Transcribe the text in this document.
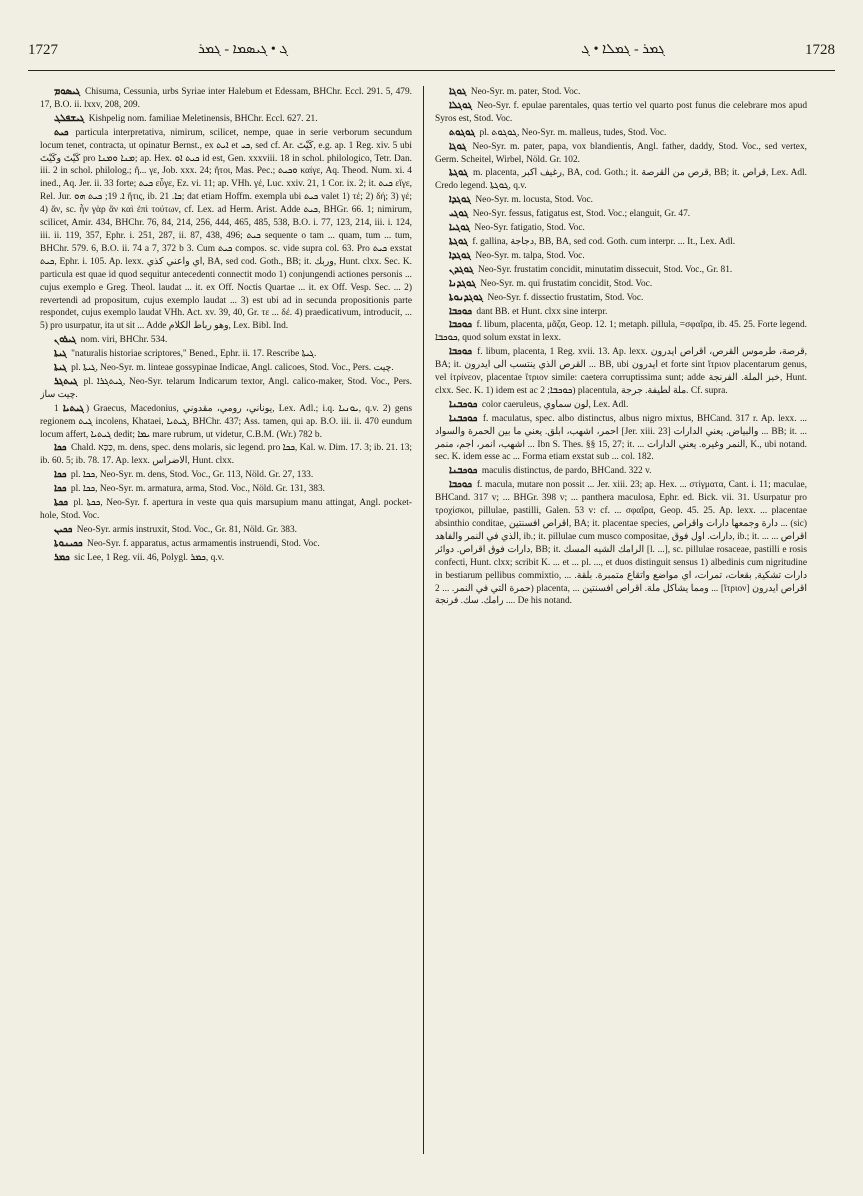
1727	ܓ • ܓܝܣܡܐ - ܓܡܪ	ܓܡܪ - ܓܡܠܐ • ܓ	1728

ܓܝܣܘܡ Chisuma, Cessunia, urbs Syriae inter Halebum et Edessam, BHChr. Eccl. 291. 5, 479. 17, B.O. ii. lxxv, 208, 209.

ܓܝܫܦܠܓ Kishpelig nom. familiae Meletinensis, BHChr. Eccl. 627. 21.

ܟܝܬ particula interpretativa, nimirum, scilicet, nempe, quae in serie verborum secundum locum tenet, contracta, ut opinatur Bernst., ex ܐܝܬ et ܟܝ, sed cf. Ar. كَيْتَ, e.g. ap. 1 Reg. xiv. 5 ubi كَيْتَ وكَيْتَ pro ܡܢܐ ܘܡܢܐ; ap. Hex. ܟܝܬ ܐܘ id est, Gen. xxxviii. 18 in schol. philologico, Tetr. Dan. iii. 2 in schol. philolog.; ἤ... γε, Job. xxx. 24; ἤτοι, Mas. Pec.; ܘܟܝܬ καίγε, Aq. Theod. Num. xi. 4 ined., Aq. Jer. ii. 33 forte; ܟܝܬ εὖγε, Ez. vi. 11; ap. VHh. γέ, Luc. xxiv. 21, 1 Cor. ix. 2; it. ܟܝܬ εἴγε, Rel. Jur. ܐ. 19; ܟܝܬ ܗܘ ἥτις, ib. ܟܐ. 21; dat etiam Hoffm. exempla ubi ܟܝܬ valet 1) τέ; 2) δή; 3) γέ; 4) ἄν, sc. ἦν γὰρ ἂν καὶ ἐπὶ τούτων, cf. Lex. ad Herm. Arist. Adde ܟܝܬ, BHGr. 66. 1; nimirum, scilicet, Amir. 434, BHChr. 76, 84, 214, 256, 444, 465, 485, 538, B.O. i. 77, 123, 214, iii. i. 124, iii. ii. 119, 357, Ephr. i. 251, 287, ii. 87, 438, 496; ܟܝܬ sequente o tam ... quam, tum ... tum, BHChr. 579. 6, B.O. ii. 74 a 7, 372 b 3. Cum ܟܝܬ compos. sc. vide supra col. 63. Pro ܟܝܬ exstat ܟܝܬ, Ephr. i. 105. Ap. lexx. اي واعني كذي, BA, sed cod. Goth., BB; it. وربك, Hunt. clxx. Sec. K. particula est quae id quod sequitur antecedenti connectit modo 1) conjungendi actiones personis ... cujus exemplo e Greg. Theol. laudat ... it. ex Off. Noctis Quartae ... it. ex Off. Vesp. Sec. ... 2) revertendi ad propositum, cujus exemplo laudat ... 3) est ubi ad in secunda propositionis parte respondet, cujus exemplo laudat VHh. Act. xv. 39, 40, Gr. τε ... δέ. 4) praedicativum, introducit, ... 5) pro usurpatur, ita ut sit ... Adde وهو رباط الكلام, Lex. Bibl. Ind.

ܓܝܪܘܢ nom. viri, BHChr. 534.

ܓܝܬܐ "naturalis historiae scriptores," Bened., Ephr. ii. 17. Rescribe ܓܝܬܐ.

ܓܝܬܐ pl. ܓܝܬܐ, Neo-Syr. m. linteae gossypinae Indicae, Angl. calicoes, Stod. Voc., Pers. چیت.

ܓܝܬܓܪ pl. ܓܝܬܓܪܐ, Neo-Syr. telarum Indicarum textor, Angl. calico-maker, Stod. Voc., Pers. چیت ساز.

ܓܝܬܝܐ 1) Graecus, Macedonius, يوناني، رومي، مقدوني, Lex. Adl.; i.q. ܝܘܢܝܐ, q.v. 2) gens regionem ܓܝܬ incolens, Khataei, ܓܝܬܝܐ, BHChr. 437; Ass. tamen, qui ap. B.O. iii. ii. 470 eundum locum affert, ܓܝܬܝܐ dedit; ܝܡܐ mare rubrum, ut videtur, C.B.M. (Wr.) 782 b.

ܟܟܐ Chald. כַּכָּא, m. dens, spec. dens molaris, sic legend. pro ܟܟܐ, Kal. w. Dim. 17. 3; ib. 21. 13; ib. 60. 5; ib. 78. 17. Ap. lexx. الاضراس, Hunt. clxx.

ܟܟܐ pl. ܟܟܐ, Neo-Syr. m. dens, Stod. Voc., Gr. 113, Nöld. Gr. 27, 133.

ܟܟܐ pl. ܟܟܐ, Neo-Syr. m. armatura, arma, Stod. Voc., Nöld. Gr. 131, 383.

ܟܟܬܐ pl. ܟܟܬܐ, Neo-Syr. f. apertura in veste qua quis marsupium manu attingat, Angl. pocket-hole, Stod. Voc.

ܟܟܝܢ Neo-Syr. armis instruxit, Stod. Voc., Gr. 81, Nöld. Gr. 383.

ܟܟܝܢܘܬܐ Neo-Syr. f. apparatus, actus armamentis instruendi, Stod. Voc.

ܟܡܪ sic Lee, 1 Reg. vii. 46, Polygl. ܟܡܪ, q.v.

ܓܘܓܐ Neo-Syr. m. pater, Stod. Voc.

ܓܘܓܠܐ Neo-Syr. f. epulae parentales, quas tertio vel quarto post funus die celebrare mos apud Syros est, Stod. Voc.

ܓܘܓܘܬ pl. ܓܘܓܘܬ, Neo-Syr. m. malleus, tudes, Stod. Voc.

ܓܘܓܐ Neo-Syr. m. pater, papa, vox blandientis, Angl. father, daddy, Stod. Voc., sed vertex, Germ. Scheitel, Wirbel, Nöld. Gr. 102.

ܓܘܓܬܐ m. placenta, رغيف اكبر, BA, cod. Goth.; it. قرص من القرصة, BB; it. قراص, Lex. Adl. Credo legend. ܓܘܓܬܐ, q.v.

ܓܘܓܕܐ Neo-Syr. m. locusta, Stod. Voc.

ܓܘܓܝ Neo-Syr. fessus, fatigatus est, Stod. Voc.; elanguit, Gr. 47.

ܓܘܓܝܐ Neo-Syr. fatigatio, Stod. Voc.

ܓܘܓܬܐ f. gallina, دجاجة, BB, BA, sed cod. Goth. cum interpr. ... It., Lex. Adl.

ܓܘܓܕܐ Neo-Syr. m. talpa, Stod. Voc.

ܓܘܓܕܢ Neo-Syr. frustatim concidit, minutatim dissecuit, Stod. Voc., Gr. 81.

ܓܘܓܕܢܐ Neo-Syr. m. qui frustatim concidit, Stod. Voc.

ܓܘܓܕܢܘܬܐ Neo-Syr. f. dissectio frustatim, Stod. Voc.

ܟܘܟܒܐ dant BB. et Hunt. clxx sine interpr.

ܟܘܟܒܐ f. libum, placenta, μᾶζα, Geop. 12. 1; metaph. pillula, =σφαῖρα, ib. 45. 25. Forte legend. ܟܘܟܒܐ, quod solum exstat in lexx.

ܟܘܟܒܐ f. libum, placenta, 1 Reg. xvii. 13. Ap. lexx. قرصة، طرموس القرص، اقراص ايدرون, BA; it. القرص الذي ينتسب الى ايدرون ... BB, ubi ايدرون et forte sint ἴτριον placentarum genus, vel ἰτρίνεον, placentae ἴτριον simile: caetera corruptissima sunt; adde خبز الملة. الفرنجة, Hunt. clxx. Sec. K. 1) idem est ac ܟܘܟܒܐ; 2) placentula, ملة لطيفة. جرجة. Cf. supra.

ܟܘܟܒܢܐ color caeruleus, لون سماوي, Lex. Adl.

ܟܘܟܒܢܐ f. maculatus, spec. albo distinctus, albus nigro mixtus, BHCand. 317 r. Ap. lexx. ... احمر، اشهب، ابلق. يعني ما بين الحمرة والسواد [Jer. xiii. 23] والبياض. يعني الدارات ... BB; it. ... اشهب، انمر، اجم، منمر ... Ibn S. Thes. §§ 15, 27; it. ... النمر وغيره. يعني الدارات, K., ubi notand. sec. K. idem esse ac ... Forma etiam exstat sub ... col. 182.

ܟܘܟܒܢܐ maculis distinctus, de pardo, BHCand. 322 v.

ܟܘܟܒܐ f. macula, mutare non possit ... Jer. xiii. 23; ap. Hex. ... στίγματα, Cant. i. 11; maculae, BHCand. 317 v; ... BHGr. 398 v; ... panthera maculosa, Ephr. ed. Bick. vii. 31. Usurpatur pro τροχίσκοι, pillulae, pastilli, Galen. 53 v: cf. ... σφαῖρα, Geop. 45. 25. Ap. lexx. ... placentae absinthio conditae, اقراص افسنتين, BA; it. placentae species, دارة وجمعها دارات واقراص ... (sic) الذي في النمر والفاهد, ib.; it. pillulae cum musco compositae, دارات. اول فوق, ib.; it. ... اقراص ... دارات فوق اقراص. دوائر, BB; it. الرامك الشيه المسك [l. ...], sc. pillulae rosaceae, pastilli e rosis confecti, Hunt. clxx; scribit K. ... et ... pl. ..., et duos distinguit sensus 1) albedinis cum nigritudine in bestiarum pellibus commixtio, ... دارات تشكية, بقعات، تمرات، اي مواضع واتقاع متمبرة. بلقة. حمرة التي في النمر. ... 2) placenta, ... ومما يشاكل ملة. اقراص افسنتين ... [ἴτριον] اقراص ايدرون ... رامك. سك. فرنجة. De his notand.
